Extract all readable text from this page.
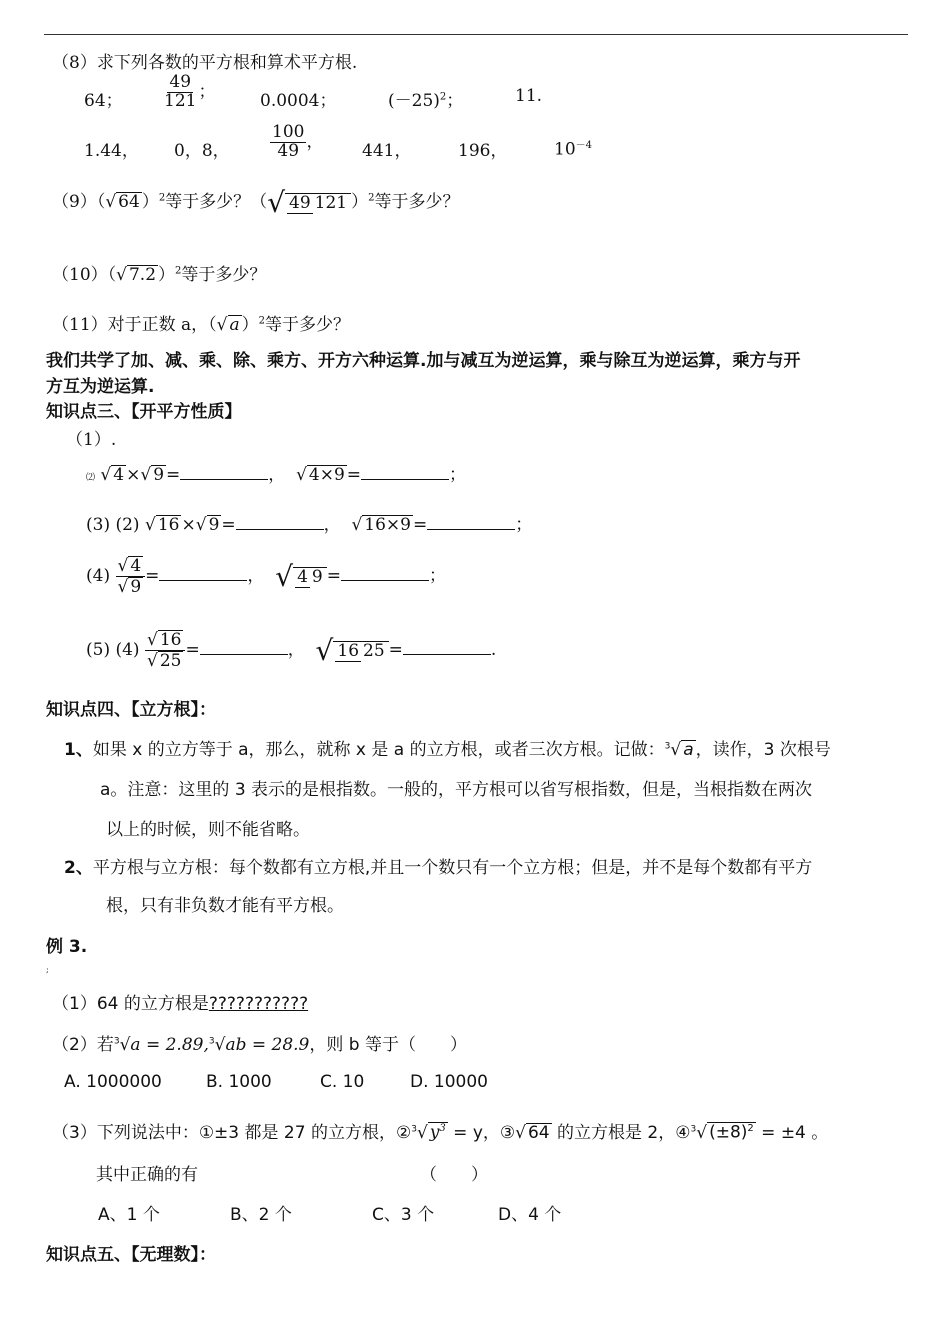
（8）求下列各数的平方根和算术平方根.
64； $\frac{49}{121}$ ；	0.0004；	$(-25)^2$；	11.
1.44， 0，8， $\frac{100}{49}$ ， 441，	196，	$10^{-4}$
（9）（√ 64 ）$^2$等于多少？（√ 49 121 ）$^2$等于多少？
（10）（√ 7.2 ）$^2$等于多少？
（11）对于正数 a，（√ a ）$^2$等于多少？
我们共学了加、减、乘、除、乘方、开方六种运算.加与减互为逆运算，乘与除互为逆运算，乘方与开
方互为逆运算.
知识点三、【开平方性质】
（1）.
⑵ √ 4 ×√ 9 =	，  √ 4×9 =	；
(3) (2) √ 16 ×√ 9 =	，  √ 16×9 =	；
$(4) \frac{√ 4}{√ 9}$ =	， √ 4 9 =	；
(5) $(4) \frac{√ 16}{√ 25}$ =	， √ 16 25 =	.
知识点四、【立方根】：
1、如果 x 的立方等于 a，那么，就称 x 是 a 的立方根，或者三次方根。记做：$^3$√ a ，读作，3 次根号
a。注意：这里的 3 表示的是根指数。一般的，平方根可以省写根指数，但是，当根指数在两次
以上的时候，则不能省略。
2、平方根与立方根：每个数都有立方根,并且一个数只有一个立方根；但是，并不是每个数都有平方
根，只有非负数才能有平方根。
例 3.
;
（1）64 的立方根是???????????
（2）若$^3$√a = 2.89,$^3$√ab = 28.9，则 b 等于（　　）
A. 1000000	B. 1000	C. 10	D. 10000
（3）下列说法中：①±3 都是 27 的立方根，②$^3$√ $y^3 = y$，③√ 64 的立方根是 2，④$^3$√ $(\pm 8)^2 = \pm 4$ 。
其中正确的有	（　　）
A、1 个	B、2 个	C、3 个	D、4 个
知识点五、【无理数】：
